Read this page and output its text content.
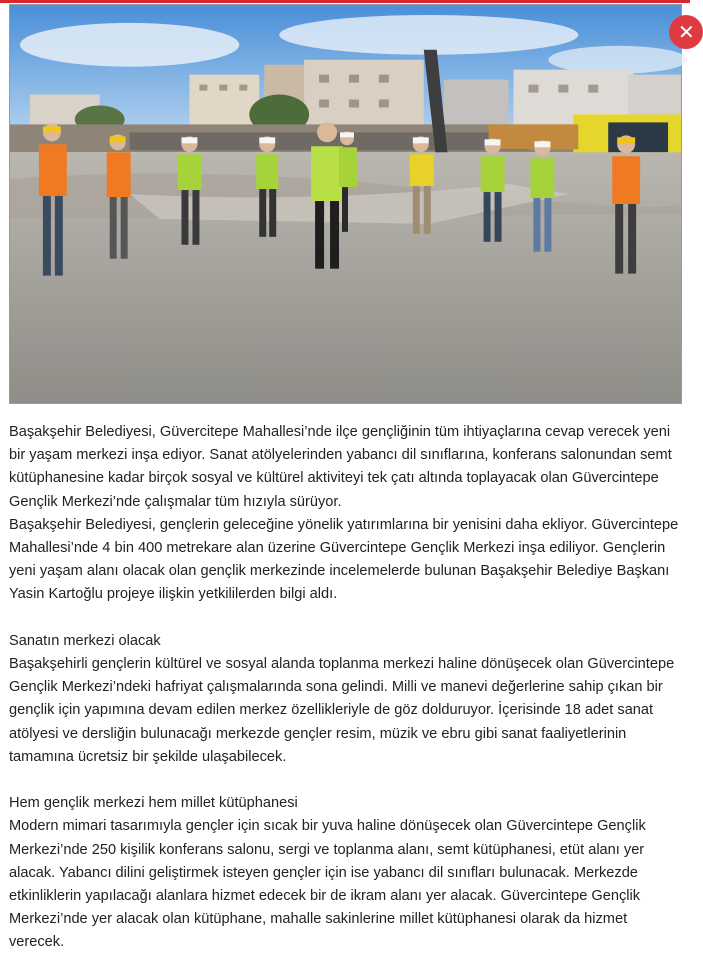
✕

Başakşehir Belediyesi, Güvercitepe Mahallesi’nde ilçe gençliğinin tüm ihtiyaçlarına cevap verecek yeni bir yaşam merkezi inşa ediyor. Sanat atölyelerinden yabancı dil sınıflarına, konferans salonundan semt kütüphanesine kadar birçok sosyal ve kültürel aktiviteyi tek çatı altında toplayacak olan Güvercintepe Gençlik Merkezi’nde çalışmalar tüm hızıyla sürüyor.

Başakşehir Belediyesi, gençlerin geleceğine yönelik yatırımlarına bir yenisini daha ekliyor. Güvercintepe Mahallesi’nde 4 bin 400 metrekare alan üzerine Güvercintepe Gençlik Merkezi inşa ediliyor. Gençlerin yeni yaşam alanı olacak olan gençlik merkezinde incelemelerde bulunan Başakşehir Belediye Başkanı Yasin Kartoğlu projeye ilişkin yetkililerden bilgi aldı.

Sanatın merkezi olacak

Başakşehirli gençlerin kültürel ve sosyal alanda toplanma merkezi haline dönüşecek olan Güvercintepe Gençlik Merkezi’ndeki hafriyat çalışmalarında sona gelindi. Milli ve manevi değerlerine sahip çıkan bir gençlik için yapımına devam edilen merkez özellikleriyle de göz dolduruyor. İçerisinde 18 adet sanat atölyesi ve dersliğin bulunacağı merkezde gençler resim, müzik ve ebru gibi sanat faaliyetlerinin tamamına ücretsiz bir şekilde ulaşabilecek.

Hem gençlik merkezi hem millet kütüphanesi

Modern mimari tasarımıyla gençler için sıcak bir yuva haline dönüşecek olan Güvercintepe Gençlik Merkezi’nde 250 kişilik konferans salonu, sergi ve toplanma alanı, semt kütüphanesi, etüt alanı yer alacak. Yabancı dilini geliştirmek isteyen gençler için ise yabancı dil sınıfları bulunacak. Merkezde etkinliklerin yapılacağı alanlara hizmet edecek bir de ikram alanı yer alacak. Güvercintepe Gençlik Merkezi’nde yer alacak olan kütüphane, mahalle sakinlerine millet kütüphanesi olarak da hizmet verecek.
